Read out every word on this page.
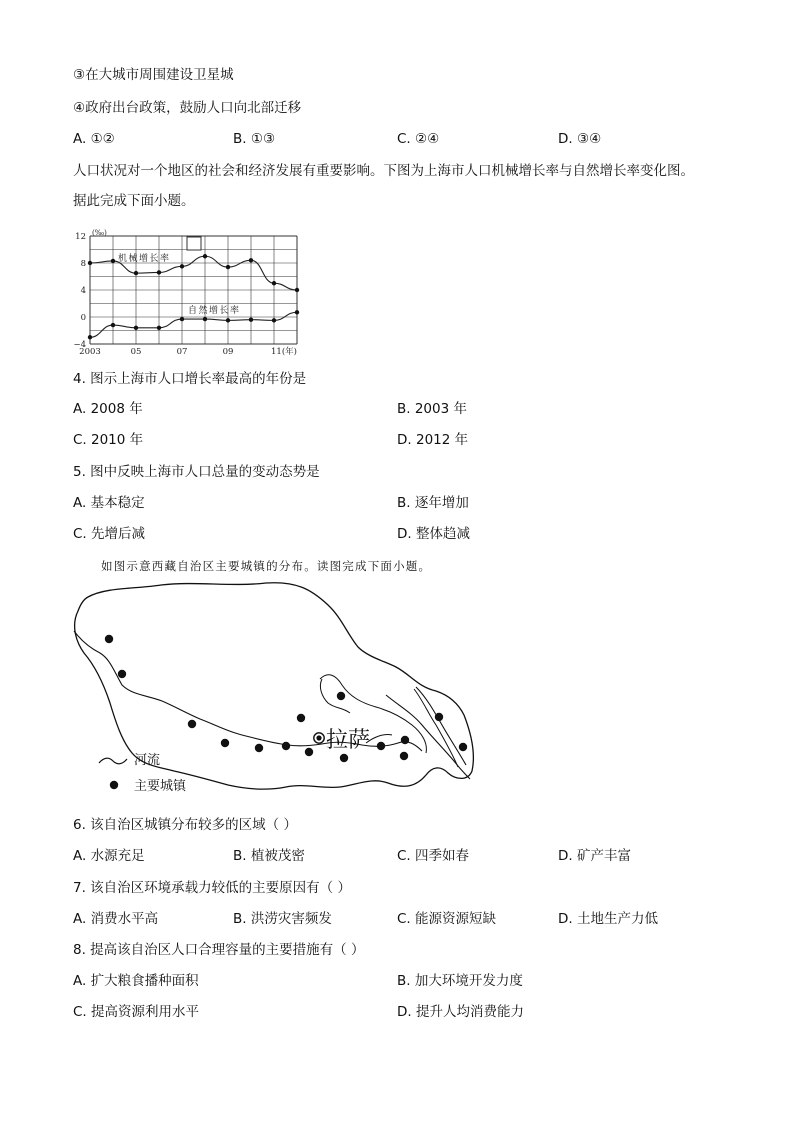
③在大城市周围建设卫星城
④政府出台政策，鼓励人口向北部迁移
A. ①②	B. ①③	C. ②④	D. ③④
人口状况对一个地区的社会和经济发展有重要影响。下图为上海市人口机械增长率与自然增长率变化图。
据此完成下面小题。
12
8
4
0
−4
2003	05	07	09	11(年)
(‰)
机械增长率
自然增长率
4. 图示上海市人口增长率最高的年份是
A. 2008 年	B. 2003 年
C. 2010 年	D. 2012 年
5. 图中反映上海市人口总量的变动态势是
A. 基本稳定	B. 逐年增加
C. 先增后减	D. 整体趋减
如图示意西藏自治区主要城镇的分布。读图完成下面小题。
拉萨
河流
主要城镇
6. 该自治区城镇分布较多的区域（ ）
A. 水源充足	B. 植被茂密	C. 四季如春	D. 矿产丰富
7. 该自治区环境承载力较低的主要原因有（ ）
A. 消费水平高	B. 洪涝灾害频发	C. 能源资源短缺	D. 土地生产力低
8. 提高该自治区人口合理容量的主要措施有（ ）
A. 扩大粮食播种面积	B. 加大环境开发力度
C. 提高资源利用水平	D. 提升人均消费能力
